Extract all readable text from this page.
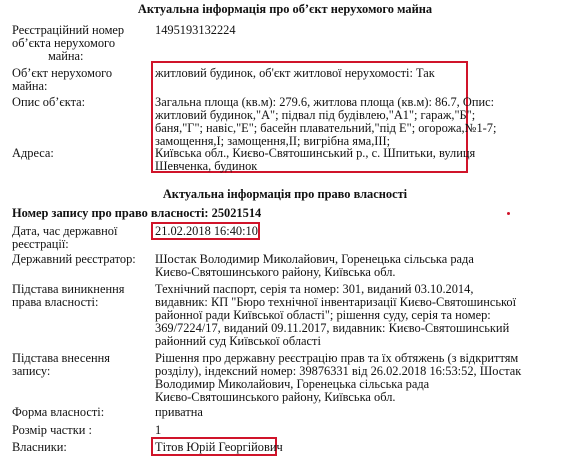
Актуальна інформація про об’єкт нерухомого майна
Реєстраційний номер
об’єкта нерухомого
майна:
1495193132224
Об’єкт нерухомого
майна:
житловий будинок, об'єкт житлової нерухомості: Так
Опис об’єкта:	Загальна площа (кв.м): 279.6, житлова площа (кв.м): 86.7, Опис:
житловий будинок,"А"; підвал під будівлею,"А1"; гараж,"Б";
баня,"Г"; навіс,"Е"; басейн плавательний,"під Е"; огорожа,№1-7;
замощення,I; замощення,II; вигрібна яма,III;
Адреса:	Київська обл., Києво-Святошинський р., с. Шпитьки, вулиця
Шевченка, будинок
Актуальна інформація про право власності
Номер запису про право власності: 25021514
Дата, час державної
реєстрації:
21.02.2018 16:40:10
Державний реєстратор: Шостак Володимир Миколайович, Горенецька сільська рада
Києво-Святошинського району, Київська обл.
Підстава виникнення
права власності:
Технічний паспорт, серія та номер: 301, виданий 03.10.2014,
видавник: КП "Бюро технічної інвентаризації Києво-Святошинської
районної ради Київської області"; рішення суду, серія та номер:
369/7224/17, виданий 09.11.2017, видавник: Києво-Святошинський
районний суд Київської області
Підстава внесення
запису:
Рішення про державну реєстрацію прав та їх обтяжень (з відкриттям
розділу), індексний номер: 39876331 від 26.02.2018 16:53:52, Шостак
Володимир Миколайович, Горенецька сільська рада
Києво-Святошинського району, Київська обл.
Форма власності:	приватна
Розмір частки :	1
Власники:	Тітов Юрій Георгійович
